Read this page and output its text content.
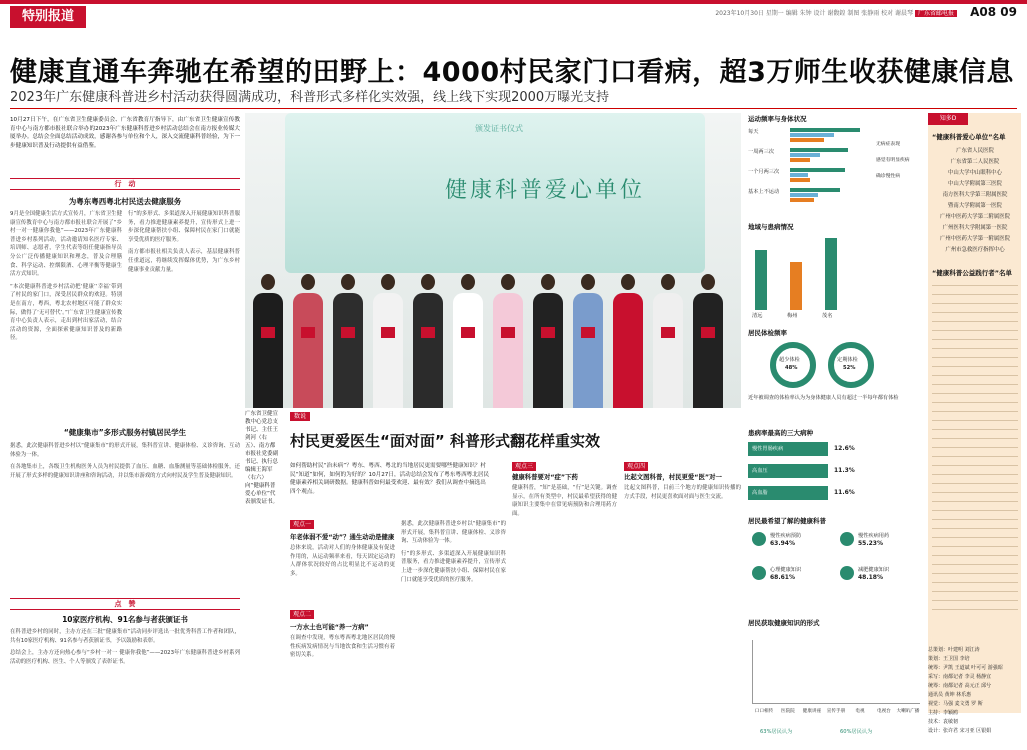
特别报道	2023年10月30日 星期一 编辑 朱钟 设计 谢馥鍠 制图 张静雨 校对 谢晨琴 广东省邮电报 A08 09
健康直通车奔驰在希望的田野上：4000村民家门口看病，超3万师生收获健康信息
2023年广东健康科普进乡村活动获得圆满成功，科普形式多样化实效强，线上线下实现2000万曝光支持
10月27日下午，在广东省卫生健康委员会、广东省教育厅指导下，由广东省卫生健康宣传教育中心与南方都市报社联合举办的2023年广东健康科普进乡村活动总结会在南方报业传媒大厦举办。总结会全面总结活动成效，感谢各参与单位和个人，深入交流健康科普经验，为下一步健康知识普及行动提供有益借鉴。
行　动
为粤东粤西粤北村民送去健康服务

9月是全国健康生活方式宣传月，广东省卫生健康宣传教育中心与南方都市报社联合开展了“乡村一对一健康你我他”——2023年广东健康科普进乡村系列活动，活动邀请知名医疗专家、培训师、志愿者，学生代表等组任健康指导员分公广泛传播健康知识和理念，普及合理膳食、科学运动、控烟限酒、心理平衡等健康生活方式知识。

“本次健康科普进乡村活动把‘健康’‘幸福’带到了村民的家门口，深受居民群众的欢迎。特别是在南方，粤西，粤北农村地区可能了群众实际，做得了‘无可替代’。”广东省卫生健康宣传教育中心负责人表示，走出到村出家活动，结合活动的资源，全面探索健康知识普及的新路径。

行”的多形式、多渠道深入开展健康知识科普服务，看力推进健康素养提升，宣传形式上进一步深化健康帮扶小组、保障村民在家门口就能享受优质的医疗服务。

南方都市报社相关负责人表示，基层健康科普任重道远，将继续发挥媒体优势，为广东乡村健康事业贡献力量。

“健康集市”多形式服务村镇居民学生

据悉，此次健康科普进乡村以“健康集市”的形式开展，集科普宣讲、健康体检、义诊咨询、互动体验为一体。

在各地集市上，各级卫生机构医务人员为村民提供了血压、血糖、血脂测量等基础体检服务，还开展了形式多样的健康知识讲座和咨询活动，并以集市游戏的方式向村民及学生普及健康知识。

点　赞
10家医疗机构、91名参与者获颁证书

在科普进乡村的同时，主办方还在三批“健康集市”活动同步评选出一批优秀科普工作者和团队，共有10家医疗机构、91名参与者获颁证书，予以鼓励和表彰。

总结会上，主办方还向热心参与“乡村一对一 健康你我他”——2023年广东健康科普进乡村系列活动的医疗机构、医生、个人等颁发了表彰证书。

颁发证书仪式
健康科普爱心单位
广东省卫健宣教中心党总支书记、主任王剑河（右五）、南方都市报社党委副书记、执行总编辑王海军（右六）向“健康科普爱心单位”代表颁发证书。
数说
村民更爱医生“面对面” 科普形式翻花样重实效
如何帮助村民“治未病”？粤东、粤西、粤北的当地居民更需要哪些健康知识？村民“知道”如何，如何的为好的？10月27日，活动总结会发布了粤东粤西粤北居民健康素养相关调研数据。健康科普如何最受欢迎、最有效？我们从调查中摘选出四个观点。
观点一
年老体弱不爱“动”？通生动动是健康
总体来说，活动对人们的身体健康及有促进作用的，从运动频率来看，每天固定运动的人群体状况较好的占比明显比不运动的更多。
观点二
一方水土也可能“养一方病”
在调查中发现，粤东粤西粤北地区居民的慢性疾病发病情况与当地饮食和生活习惯有着密切关系。

据悉，此次健康科普进乡村以“健康集市”的形式开展，集科普宣讲、健康体检、义诊咨询、互动体验为一体。

行”的多形式、多渠道深入开展健康知识科普服务，看力推进健康素养提升，宣传形式上进一步深化健康帮扶小组、保障村民在家门口就能享受优质的医疗服务。

观点三
健康科普要对“症”下药
健康科普，“知”是基础，“行”是关键。调查显示，在所有类型中，村民最希望获得的健康知识主要集中在常见病预防和合理用药方面。
观点四
比起文图科普，村民更爱“医”对一
比起文图科普，目前三个地方的健康知识传播的方式手段，村民更喜欢面对面与医生交流。
运动频率与身体状况
每天
一周两三次
一个月两三次
基本上不运动
无病症表现
感觉有明显疾病
确诊慢性病
地域与患病情况
清远	梅州	茂名
居民体检频率
超少体检
48%
定期体检
52%
近年被调查的体检率认为为身体健康人员有超过一半每年都有体检
患病率最高的三大病种
慢性胃肠疾病	12.6%
高血压	11.3%
高血脂	11.6%
居民最希望了解的健康科普
慢性疾病预防
63.94%
慢性疾病用药
55.23%
心理健康知识
68.61%
减肥健康知识
48.18%
居民获取健康知识的形式
口口相传	医院院	健康讲座	宣传手册	电视	电视台	大喇叭广播
63%居民认为	60%居民认为
知多D
“健康科普爱心单位”名单
广东省人民医院
广东省第二人民医院
中山大学中山眼科中心
中山大学附属第三医院
南方医科大学第三附属医院
暨南大学附属第一医院
广州中医药大学第二附属医院
广州医科大学附属第一医院
广州中医药大学第一附属医院
广州市急救医疗指挥中心
“健康科普公益践行者”名单
总策划：叶建明 刘江涛
策划：王卫国 李培
统筹：尹凯 王道斌 叶可可 游强昭
采写：南都记者 李灵 杨静宜
统筹：南都记者 高元正 邱兮
通讯员 黄坤 林乐惠
视觉：马强 麦文勇 罗 斯
主持：李颖鸥
技术：袁敏韧
设计：张许君 宋习亚 区银娟
